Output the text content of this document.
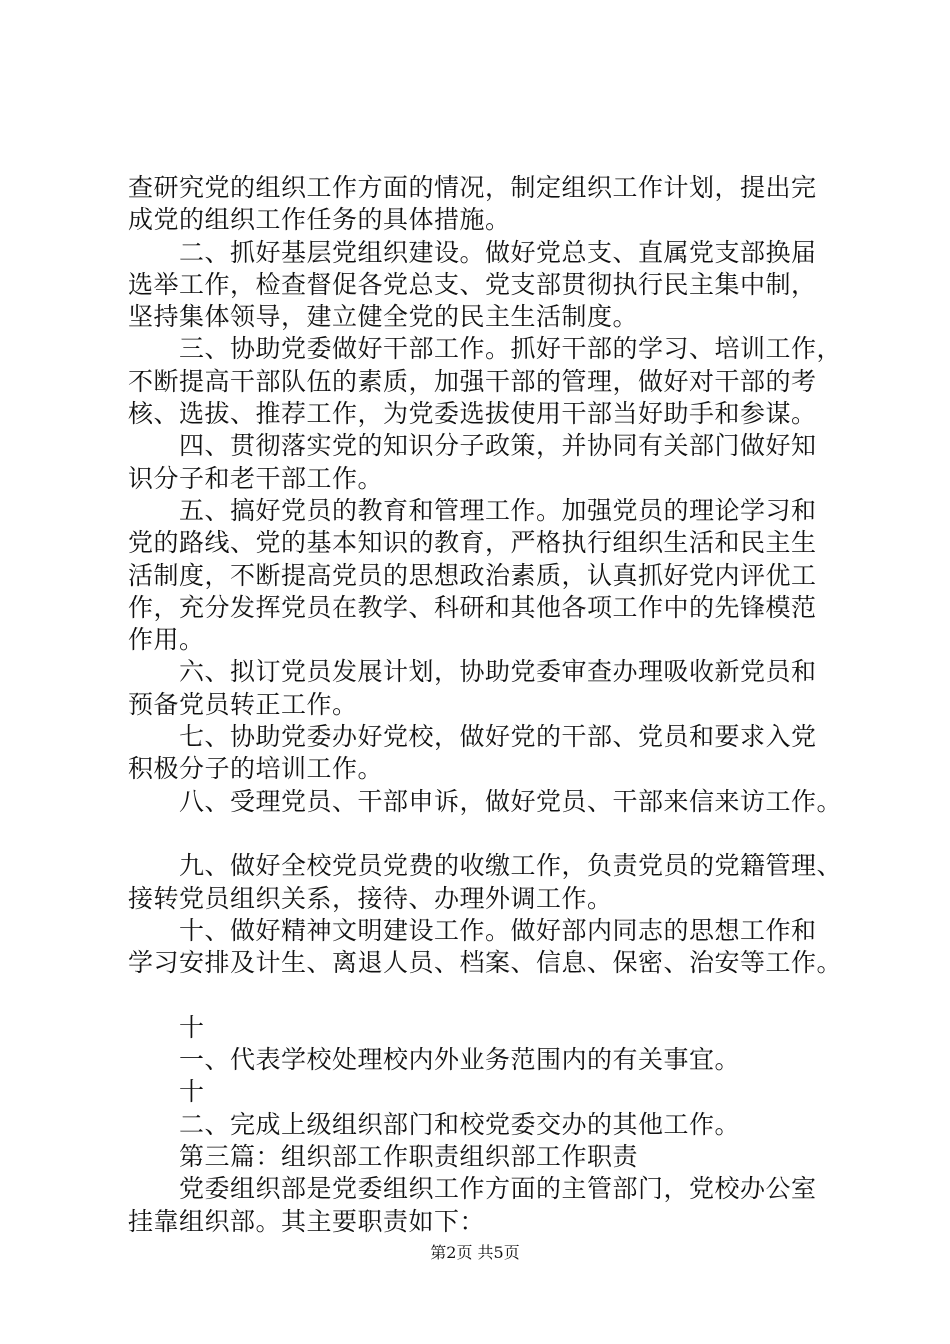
查研究党的组织工作方面的情况，制定组织工作计划，提出完
成党的组织工作任务的具体措施。
　　二、抓好基层党组织建设。做好党总支、直属党支部换届
选举工作，检查督促各党总支、党支部贯彻执行民主集中制，
坚持集体领导，建立健全党的民主生活制度。
　　三、协助党委做好干部工作。抓好干部的学习、培训工作，
不断提高干部队伍的素质，加强干部的管理，做好对干部的考
核、选拔、推荐工作，为党委选拔使用干部当好助手和参谋。
　　四、贯彻落实党的知识分子政策，并协同有关部门做好知
识分子和老干部工作。
　　五、搞好党员的教育和管理工作。加强党员的理论学习和
党的路线、党的基本知识的教育，严格执行组织生活和民主生
活制度，不断提高党员的思想政治素质，认真抓好党内评优工
作，充分发挥党员在教学、科研和其他各项工作中的先锋模范
作用。
　　六、拟订党员发展计划，协助党委审查办理吸收新党员和
预备党员转正工作。
　　七、协助党委办好党校，做好党的干部、党员和要求入党
积极分子的培训工作。
　　八、受理党员、干部申诉，做好党员、干部来信来访工作。
　　九、做好全校党员党费的收缴工作，负责党员的党籍管理、
接转党员组织关系，接待、办理外调工作。
　　十、做好精神文明建设工作。做好部内同志的思想工作和
学习安排及计生、离退人员、档案、信息、保密、治安等工作。
　　十
　　一、代表学校处理校内外业务范围内的有关事宜。
　　十
　　二、完成上级组织部门和校党委交办的其他工作。
　　第三篇：组织部工作职责组织部工作职责
　　党委组织部是党委组织工作方面的主管部门，党校办公室
挂靠组织部。其主要职责如下：
第2页 共5页
